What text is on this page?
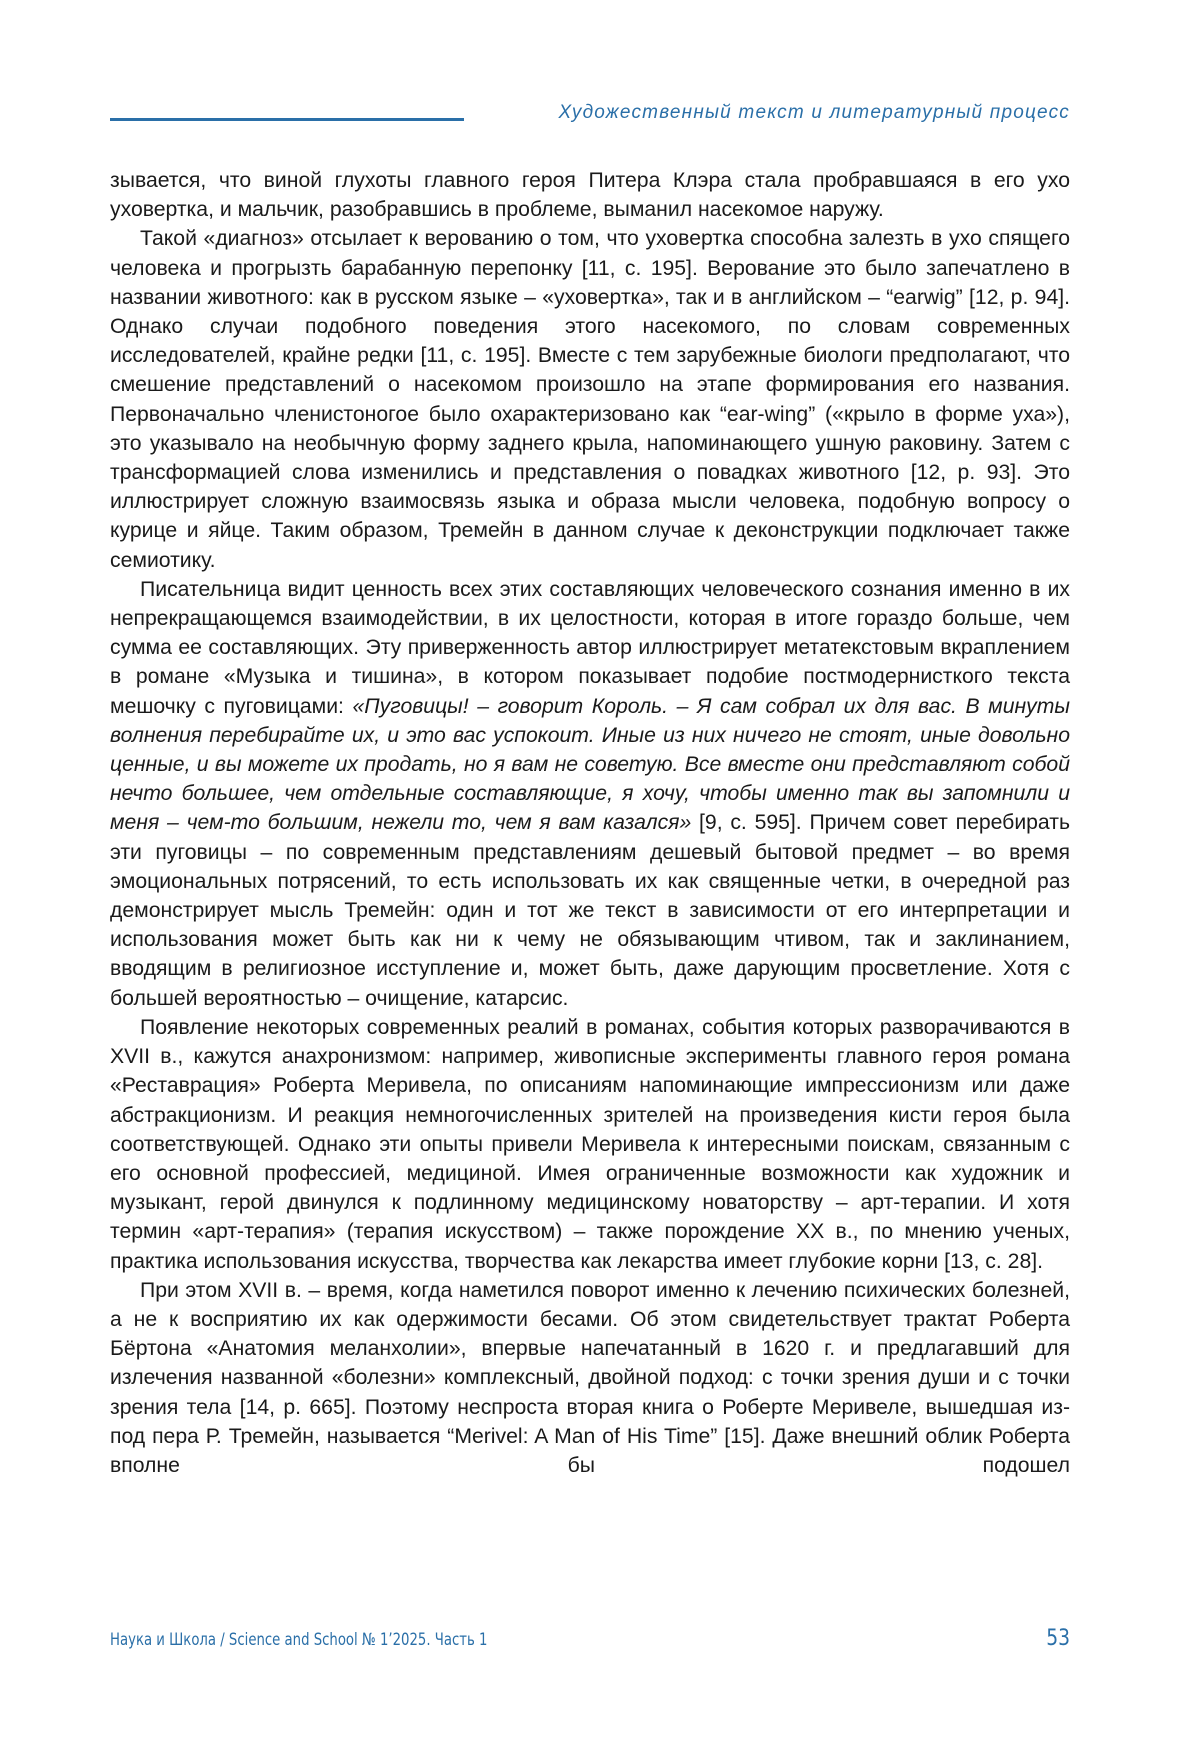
Художественный текст и литературный процесс

зывается, что виной глухоты главного героя Питера Клэра стала пробравшаяся в его ухо уховертка, и мальчик, разобравшись в проблеме, выманил насекомое наружу.

Такой «диагноз» отсылает к верованию о том, что уховертка способна залезть в ухо спящего человека и прогрызть барабанную перепонку [11, с. 195]. Верование это было запечатлено в названии животного: как в русском языке – «уховертка», так и в английском – “earwig” [12, р. 94]. Однако случаи подобного поведения этого насекомого, по словам современных исследователей, крайне редки [11, с. 195]. Вместе с тем зарубежные биологи предполагают, что смешение представлений о насекомом произошло на этапе формирования его названия. Первоначально членистоногое было охарактеризовано как “ear-wing” («крыло в форме уха»), это указывало на необычную форму заднего крыла, напоминающего ушную раковину. Затем с трансформацией слова изменились и представления о повадках животного [12, р. 93]. Это иллюстрирует сложную взаимосвязь языка и образа мысли человека, подобную вопросу о курице и яйце. Таким образом, Тремейн в данном случае к деконструкции подключает также семиотику.

Писательница видит ценность всех этих составляющих человеческого сознания именно в их непрекращающемся взаимодействии, в их целостности, которая в итоге гораздо больше, чем сумма ее составляющих. Эту приверженность автор иллюстрирует метатекстовым вкраплением в романе «Музыка и тишина», в котором показывает подобие постмодернисткого текста мешочку с пуговицами: «Пуговицы! – говорит Король. – Я сам собрал их для вас. В минуты волнения перебирайте их, и это вас успокоит. Иные из них ничего не стоят, иные довольно ценные, и вы можете их продать, но я вам не советую. Все вместе они представляют собой нечто большее, чем отдельные составляющие, я хочу, чтобы именно так вы запомнили и меня – чем-то большим, нежели то, чем я вам казался» [9, с. 595]. Причем совет перебирать эти пуговицы – по современным представлениям дешевый бытовой предмет – во время эмоциональных потрясений, то есть использовать их как священные четки, в очередной раз демонстрирует мысль Тремейн: один и тот же текст в зависимости от его интерпретации и использования может быть как ни к чему не обязывающим чтивом, так и заклинанием, вводящим в религиозное исступление и, может быть, даже дарующим просветление. Хотя с большей вероятностью – очищение, катарсис.

Появление некоторых современных реалий в романах, события которых разворачиваются в XVII в., кажутся анахронизмом: например, живописные эксперименты главного героя романа «Реставрация» Роберта Меривела, по описаниям напоминающие импрессионизм или даже абстракционизм. И реакция немногочисленных зрителей на произведения кисти героя была соответствующей. Однако эти опыты привели Меривела к интересными поискам, связанным с его основной профессией, медициной. Имея ограниченные возможности как художник и музыкант, герой двинулся к подлинному медицинскому новаторству – арт-терапии. И хотя термин «арт-терапия» (терапия искусством) – также порождение XX в., по мнению ученых, практика использования искусства, творчества как лекарства имеет глубокие корни [13, с. 28].

При этом XVII в. – время, когда наметился поворот именно к лечению психических болезней, а не к восприятию их как одержимости бесами. Об этом свидетельствует трактат Роберта Бёртона «Анатомия меланхолии», впервые напечатанный в 1620 г. и предлагавший для излечения названной «болезни» комплексный, двойной подход: с точки зрения души и с точки зрения тела [14, р. 665]. Поэтому неспроста вторая книга о Роберте Меривеле, вышедшая из-под пера Р. Тремейн, называется “Merivel: A Man of His Time” [15]. Даже внешний облик Роберта вполне бы подошел

Наука и Школа / Science and School № 1’2025. Часть 1	53
